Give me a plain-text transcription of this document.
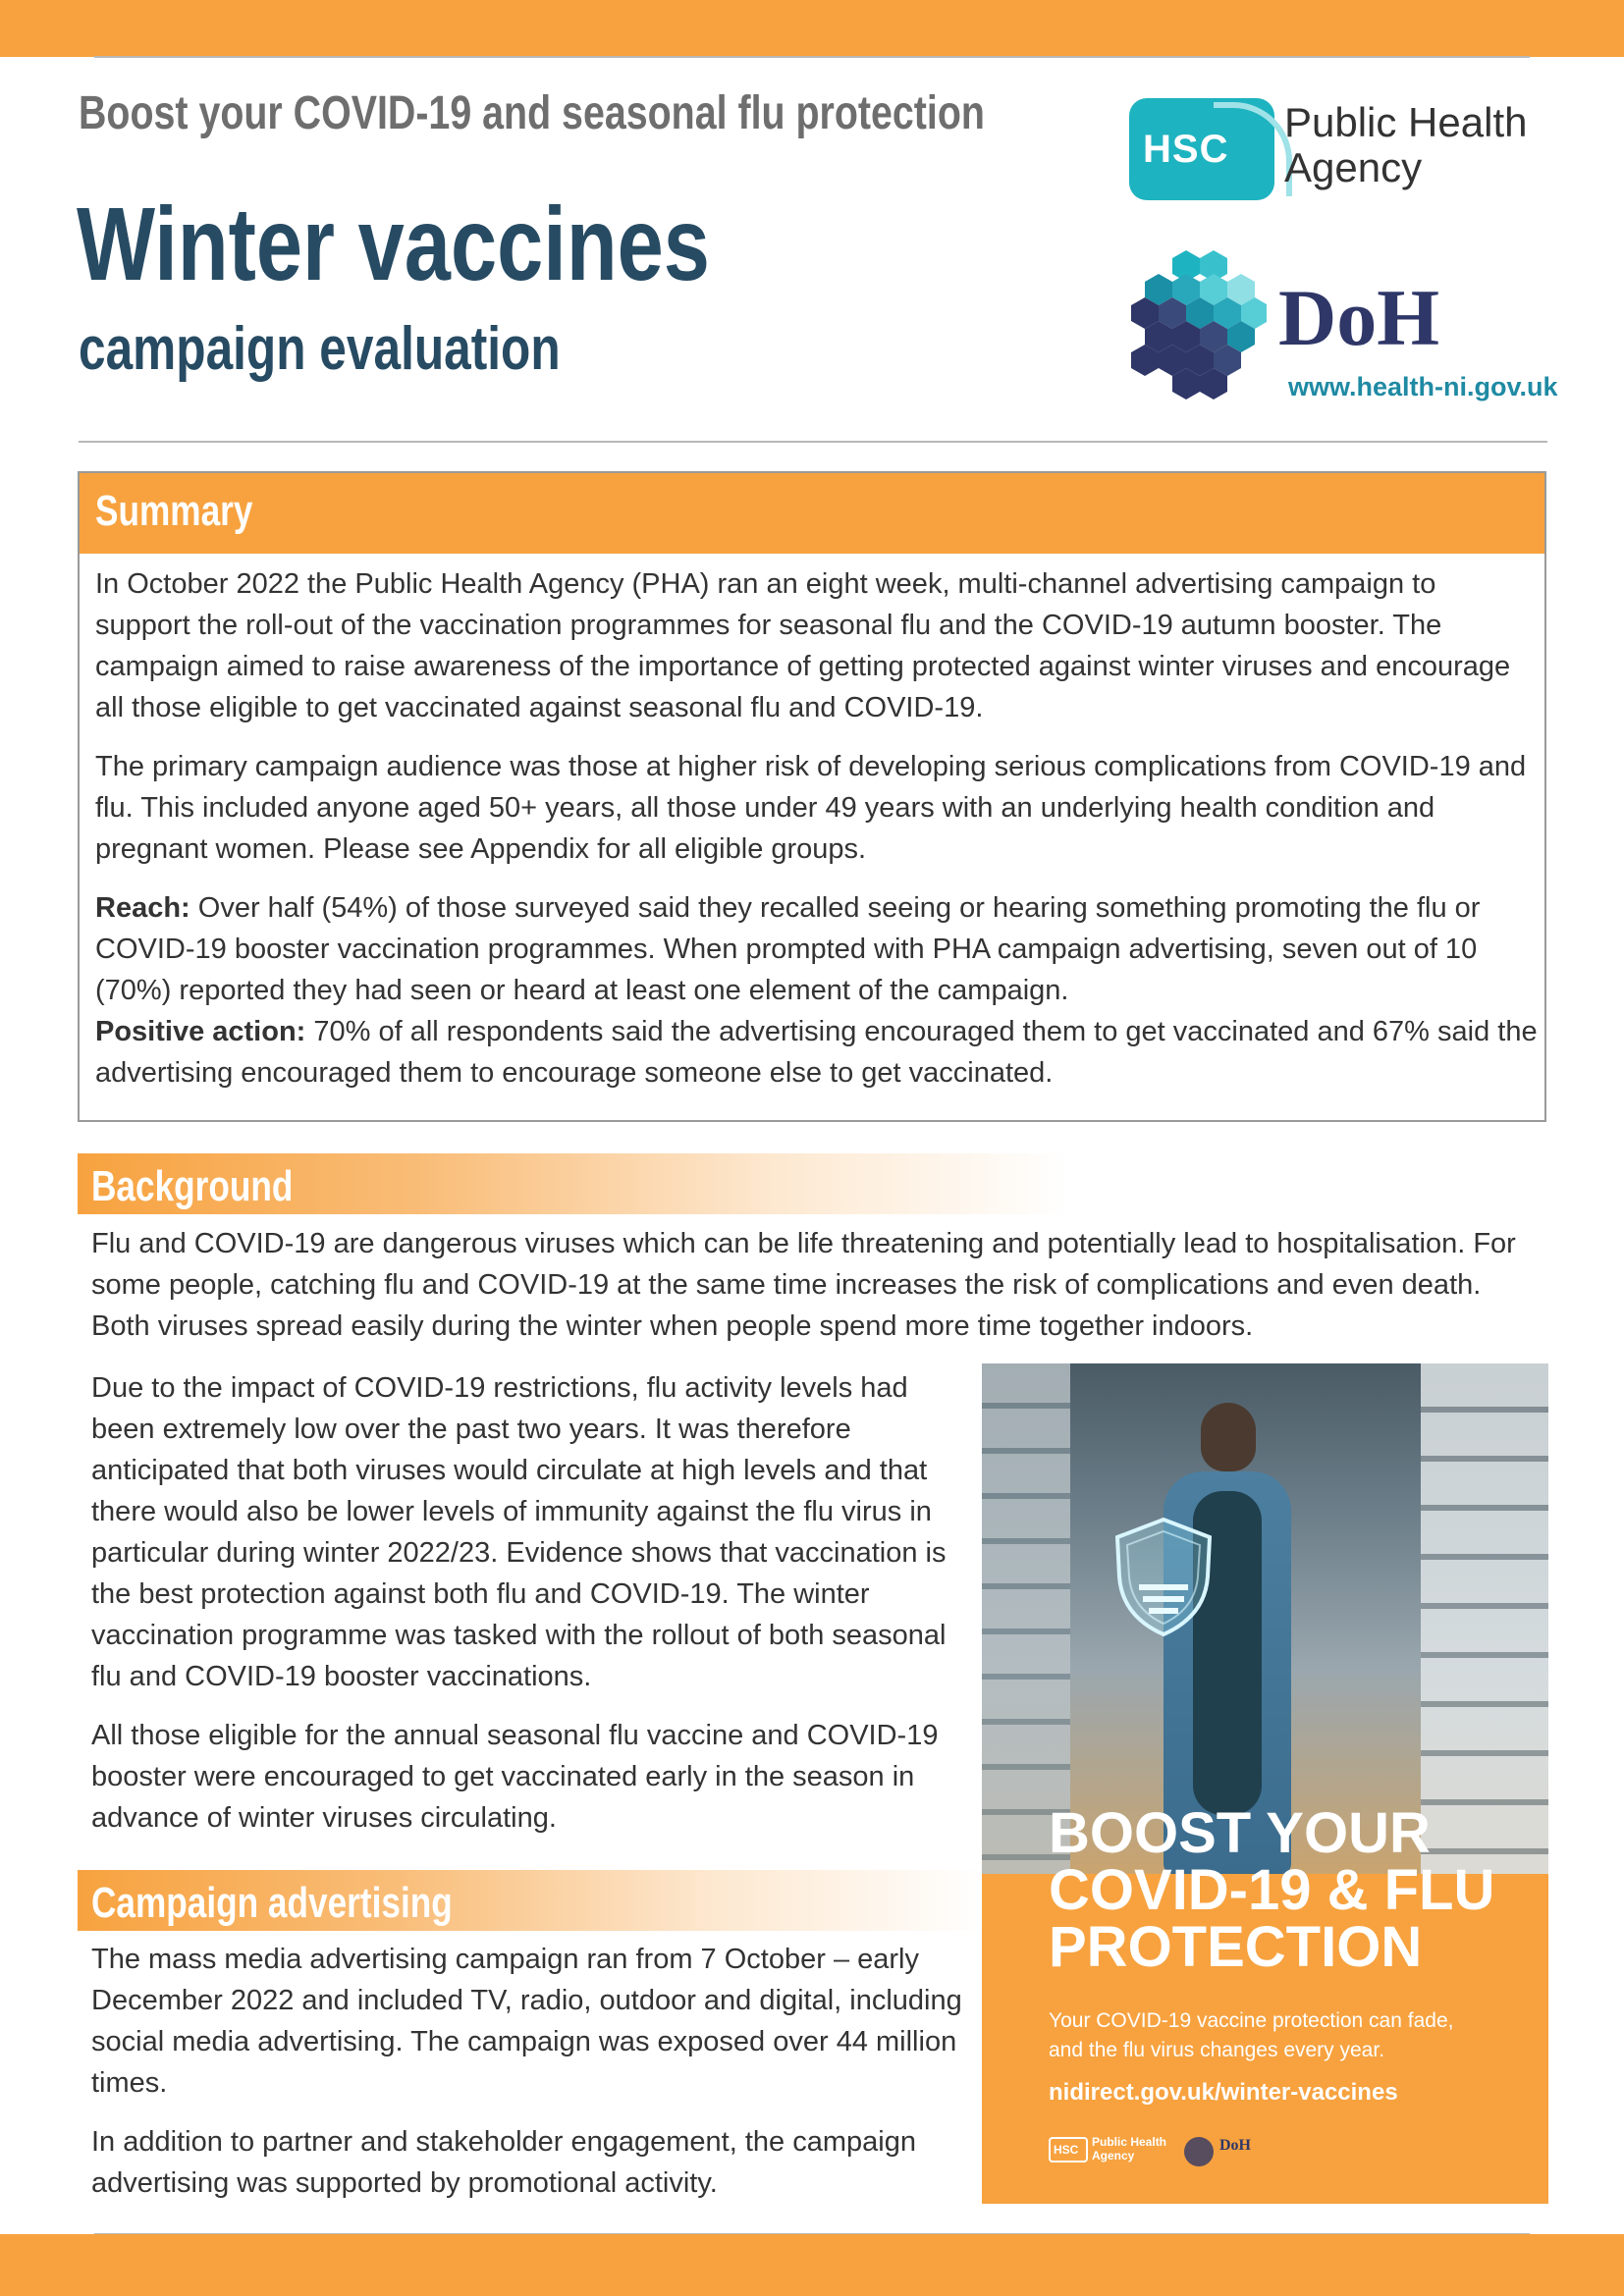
Boost your COVID-19 and seasonal flu protection
Winter vaccines
campaign evaluation
HSC
Public Health
Agency
DoH
www.health-ni.gov.uk
Summary

In October 2022 the Public Health Agency (PHA) ran an eight week, multi-channel advertising campaign to support the roll-out of the vaccination programmes for seasonal flu and the COVID-19 autumn booster. The campaign aimed to raise awareness of the importance of getting protected against winter viruses and encourage all those eligible to get vaccinated against seasonal flu and COVID-19.

The primary campaign audience was those at higher risk of developing serious complications from COVID-19 and flu. This included anyone aged 50+ years, all those under 49 years with an underlying health condition and pregnant women. Please see Appendix for all eligible groups.

Reach: Over half (54%) of those surveyed said they recalled seeing or hearing something promoting the flu or COVID-19 booster vaccination programmes. When prompted with PHA campaign advertising, seven out of 10 (70%) reported they had seen or heard at least one element of the campaign.

Positive action: 70% of all respondents said the advertising encouraged them to get vaccinated and 67% said the advertising encouraged them to encourage someone else to get vaccinated.

Background

Flu and COVID-19 are dangerous viruses which can be life threatening and potentially lead to hospitalisation. For some people, catching flu and COVID-19 at the same time increases the risk of complications and even death. Both viruses spread easily during the winter when people spend more time together indoors.

Due to the impact of COVID-19 restrictions, flu activity levels had been extremely low over the past two years. It was therefore anticipated that both viruses would circulate at high levels and that there would also be lower levels of immunity against the flu virus in particular during winter 2022/23. Evidence shows that vaccination is the best protection against both flu and COVID-19. The winter vaccination programme was tasked with the rollout of both seasonal flu and COVID-19 booster vaccinations.

All those eligible for the annual seasonal flu vaccine and COVID-19 booster were encouraged to get vaccinated early in the season in advance of winter viruses circulating.

Campaign advertising

The mass media advertising campaign ran from 7 October – early December 2022 and included TV, radio, outdoor and digital, including social media advertising. The campaign was exposed over 44 million times.

In addition to partner and stakeholder engagement, the campaign advertising was supported by promotional activity.

BOOST YOUR
COVID-19 & FLU
PROTECTION
Your COVID-19 vaccine protection can fade,
and the flu virus changes every year.
nidirect.gov.uk/winter-vaccines
HSC
Public Health
Agency
DoH
